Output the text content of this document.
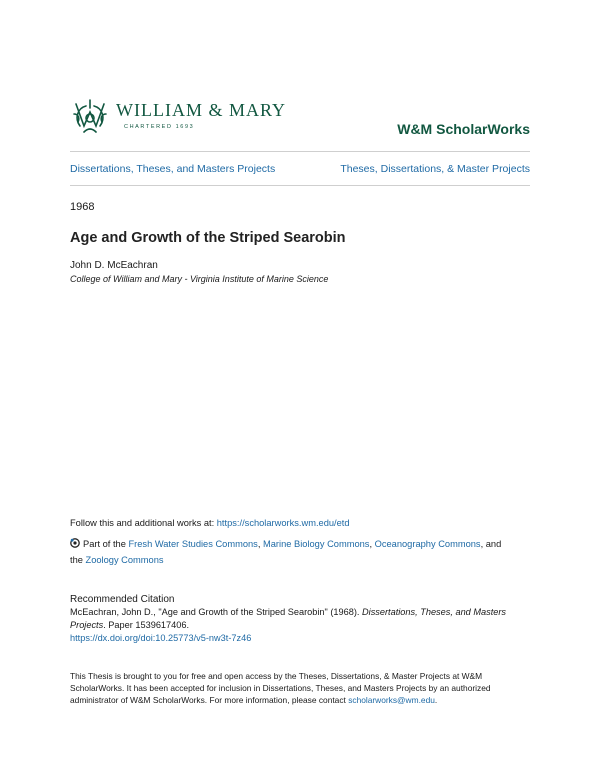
WILLIAM & MARY
CHARTERED 1693	W&M ScholarWorks
Dissertations, Theses, and Masters Projects	Theses, Dissertations, & Master Projects
1968
Age and Growth of the Striped Searobin
John D. McEachran
College of William and Mary - Virginia Institute of Marine Science
Follow this and additional works at: https://scholarworks.wm.edu/etd
Part of the Fresh Water Studies Commons, Marine Biology Commons, Oceanography Commons, and
the Zoology Commons
Recommended Citation
McEachran, John D., "Age and Growth of the Striped Searobin" (1968). Dissertations, Theses, and Masters
Projects. Paper 1539617406.
https://dx.doi.org/doi:10.25773/v5-nw3t-7z46
This Thesis is brought to you for free and open access by the Theses, Dissertations, & Master Projects at W&M
ScholarWorks. It has been accepted for inclusion in Dissertations, Theses, and Masters Projects by an authorized
administrator of W&M ScholarWorks. For more information, please contact scholarworks@wm.edu.
